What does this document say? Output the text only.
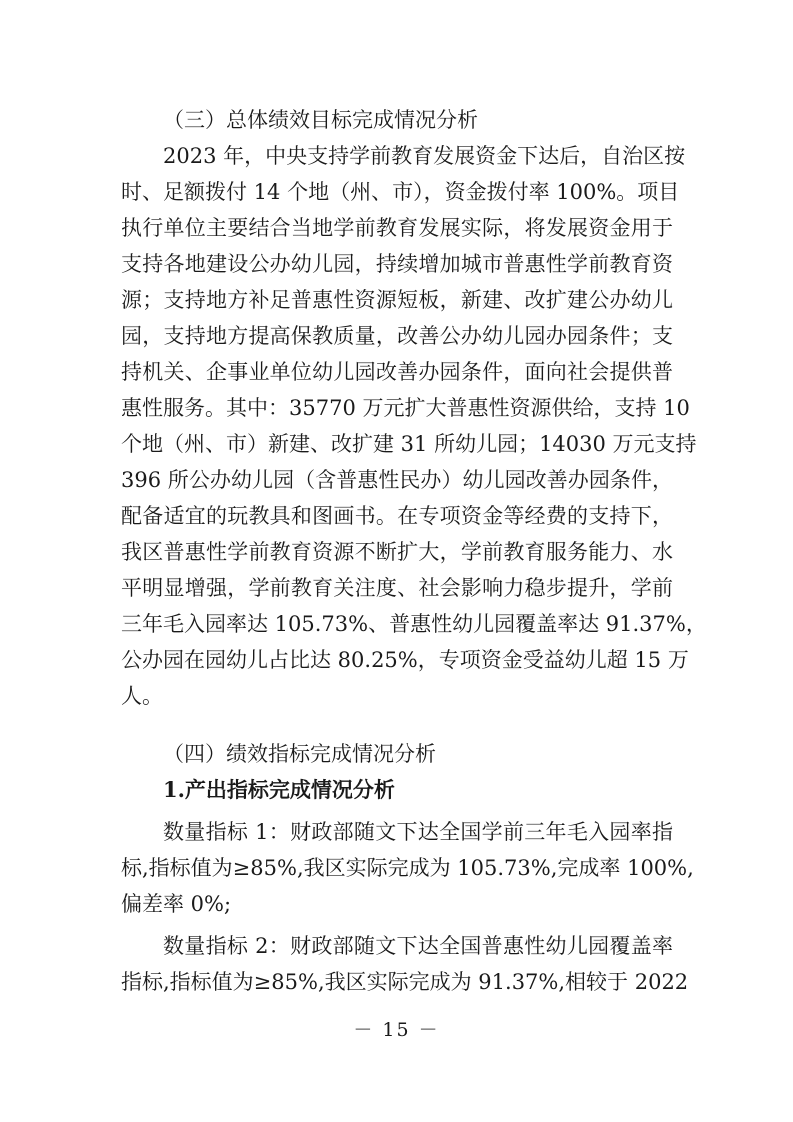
（三）总体绩效目标完成情况分析
2023 年，中央支持学前教育发展资金下达后，自治区按
时、足额拨付 14 个地（州、市），资金拨付率 100%。项目
执行单位主要结合当地学前教育发展实际，将发展资金用于
支持各地建设公办幼儿园，持续增加城市普惠性学前教育资
源；支持地方补足普惠性资源短板，新建、改扩建公办幼儿
园，支持地方提高保教质量，改善公办幼儿园办园条件；支
持机关、企事业单位幼儿园改善办园条件，面向社会提供普
惠性服务。其中：35770 万元扩大普惠性资源供给，支持 10
个地（州、市）新建、改扩建 31 所幼儿园；14030 万元支持
396 所公办幼儿园（含普惠性民办）幼儿园改善办园条件，
配备适宜的玩教具和图画书。在专项资金等经费的支持下，
我区普惠性学前教育资源不断扩大，学前教育服务能力、水
平明显增强，学前教育关注度、社会影响力稳步提升，学前
三年毛入园率达 105.73%、普惠性幼儿园覆盖率达 91.37%，
公办园在园幼儿占比达 80.25%，专项资金受益幼儿超 15 万
人。
（四）绩效指标完成情况分析
1.产出指标完成情况分析
数量指标 1：财政部随文下达全国学前三年毛入园率指
标,指标值为≥85%,我区实际完成为 105.73%,完成率 100%,
偏差率 0%;
数量指标 2：财政部随文下达全国普惠性幼儿园覆盖率
指标,指标值为≥85%,我区实际完成为 91.37%,相较于 2022
－ 15 －
